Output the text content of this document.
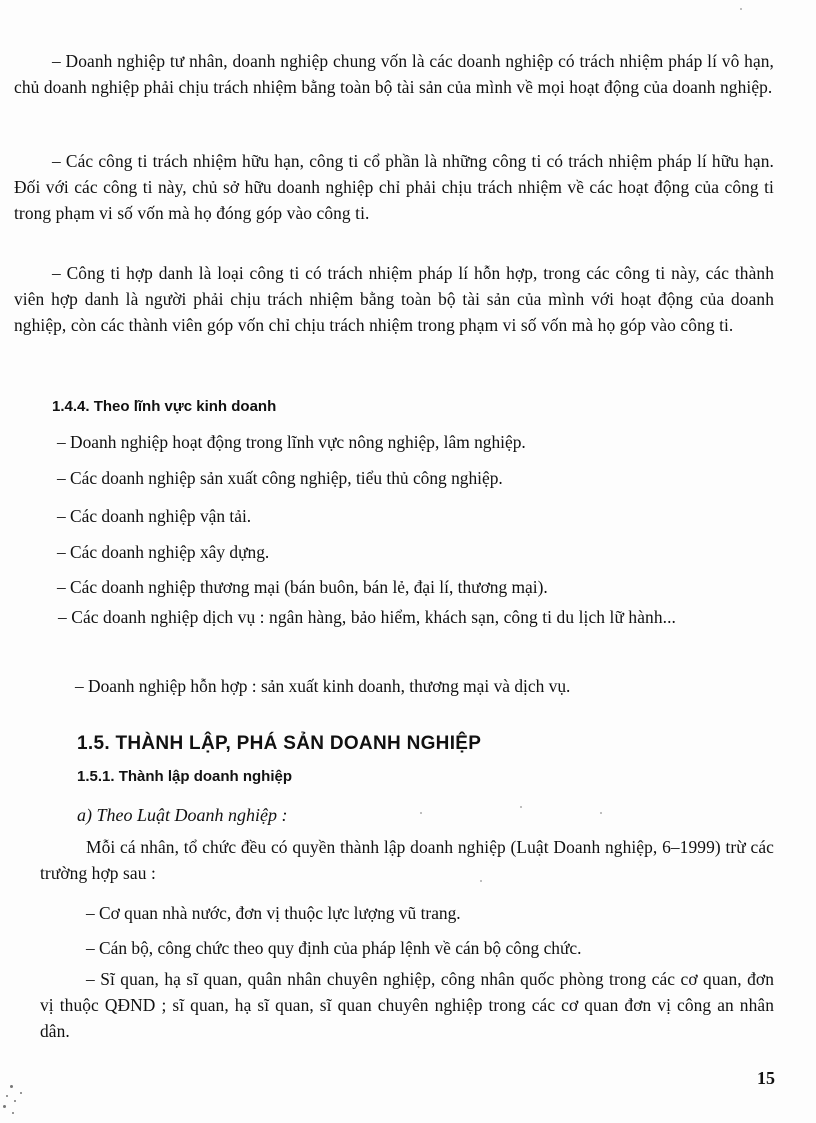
– Doanh nghiệp tư nhân, doanh nghiệp chung vốn là các doanh nghiệp có trách nhiệm pháp lí vô hạn, chủ doanh nghiệp phải chịu trách nhiệm bằng toàn bộ tài sản của mình về mọi hoạt động của doanh nghiệp.
– Các công ti trách nhiệm hữu hạn, công ti cổ phần là những công ti có trách nhiệm pháp lí hữu hạn. Đối với các công ti này, chủ sở hữu doanh nghiệp chỉ phải chịu trách nhiệm về các hoạt động của công ti trong phạm vi số vốn mà họ đóng góp vào công ti.
– Công ti hợp danh là loại công ti có trách nhiệm pháp lí hỗn hợp, trong các công ti này, các thành viên hợp danh là người phải chịu trách nhiệm bằng toàn bộ tài sản của mình với hoạt động của doanh nghiệp, còn các thành viên góp vốn chỉ chịu trách nhiệm trong phạm vi số vốn mà họ góp vào công ti.
1.4.4. Theo lĩnh vực kinh doanh
– Doanh nghiệp hoạt động trong lĩnh vực nông nghiệp, lâm nghiệp.
– Các doanh nghiệp sản xuất công nghiệp, tiểu thủ công nghiệp.
– Các doanh nghiệp vận tải.
– Các doanh nghiệp xây dựng.
– Các doanh nghiệp thương mại (bán buôn, bán lẻ, đại lí, thương mại).
– Các doanh nghiệp dịch vụ : ngân hàng, bảo hiểm, khách sạn, công ti du lịch lữ hành...
– Doanh nghiệp hỗn hợp : sản xuất kinh doanh, thương mại và dịch vụ.
1.5. THÀNH LẬP, PHÁ SẢN DOANH NGHIỆP
1.5.1. Thành lập doanh nghiệp
a) Theo Luật Doanh nghiệp :
Mỗi cá nhân, tổ chức đều có quyền thành lập doanh nghiệp (Luật Doanh nghiệp, 6–1999) trừ các trường hợp sau :
– Cơ quan nhà nước, đơn vị thuộc lực lượng vũ trang.
– Cán bộ, công chức theo quy định của pháp lệnh về cán bộ công chức.
– Sĩ quan, hạ sĩ quan, quân nhân chuyên nghiệp, công nhân quốc phòng trong các cơ quan, đơn vị thuộc QĐND ; sĩ quan, hạ sĩ quan, sĩ quan chuyên nghiệp trong các cơ quan đơn vị công an nhân dân.
15
